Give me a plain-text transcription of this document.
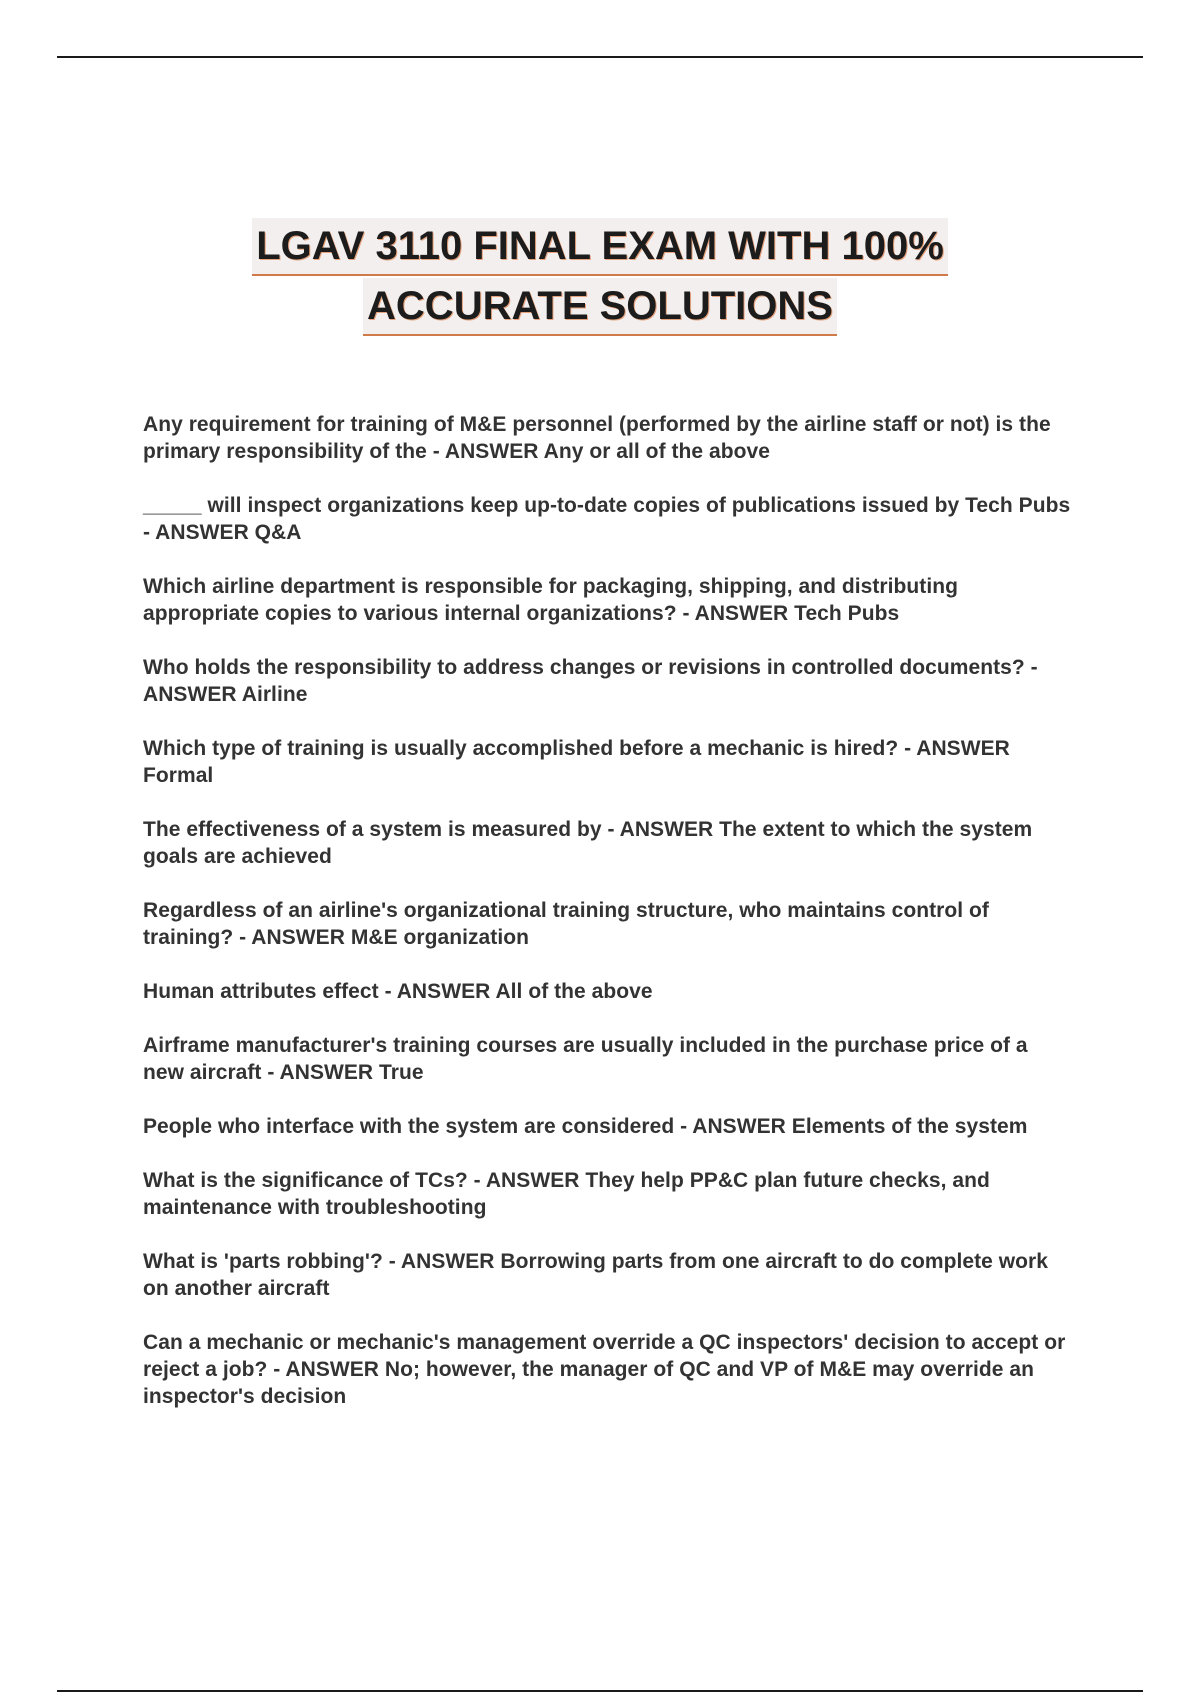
LGAV 3110 FINAL EXAM WITH 100%
ACCURATE SOLUTIONS
Any requirement for training of M&E personnel (performed by the airline staff or not) is the primary responsibility of the - ANSWER Any or all of the above
_____ will inspect organizations keep up-to-date copies of publications issued by Tech Pubs - ANSWER Q&A
Which airline department is responsible for packaging, shipping, and distributing appropriate copies to various internal organizations? - ANSWER Tech Pubs
Who holds the responsibility to address changes or revisions in controlled documents? - ANSWER Airline
Which type of training is usually accomplished before a mechanic is hired? - ANSWER Formal
The effectiveness of a system is measured by - ANSWER The extent to which the system goals are achieved
Regardless of an airline's organizational training structure, who maintains control of training? - ANSWER M&E organization
Human attributes effect - ANSWER All of the above
Airframe manufacturer's training courses are usually included in the purchase price of a new aircraft - ANSWER True
People who interface with the system are considered - ANSWER Elements of the system
What is the significance of TCs? - ANSWER They help PP&C plan future checks, and maintenance with troubleshooting
What is 'parts robbing'? - ANSWER Borrowing parts from one aircraft to do complete work on another aircraft
Can a mechanic or mechanic's management override a QC inspectors' decision to accept or reject a job? - ANSWER No; however, the manager of QC and VP of M&E may override an inspector's decision
